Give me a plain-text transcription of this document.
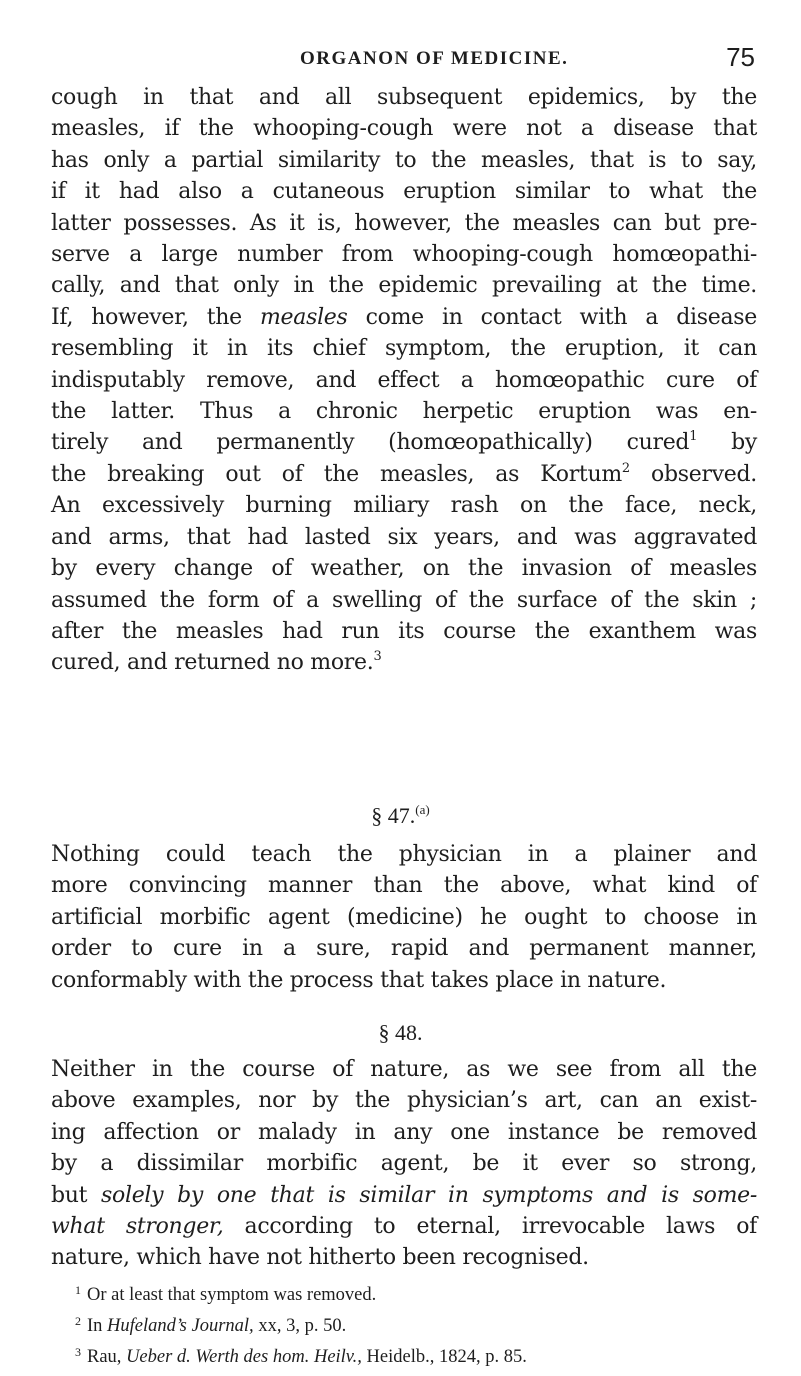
ORGANON OF MEDICINE.	75
cough in that and all subsequent epidemics, by the
measles, if the whooping-cough were not a disease that
has only a partial similarity to the measles, that is to say,
if it had also a cutaneous eruption similar to what the
latter possesses. As it is, however, the measles can but pre-
serve a large number from whooping-cough homœopathi-
cally, and that only in the epidemic prevailing at the time.
If, however, the measles come in contact with a disease
resembling it in its chief symptom, the eruption, it can
indisputably remove, and effect a homœopathic cure of
the latter. Thus a chronic herpetic eruption was en-
tirely and permanently (homœopathically) cured$^1$ by
the breaking out of the measles, as Kortum$^2$ observed.
An excessively burning miliary rash on the face, neck,
and arms, that had lasted six years, and was aggravated
by every change of weather, on the invasion of measles
assumed the form of a swelling of the surface of the skin ;
after the measles had run its course the exanthem was
cured, and returned no more.$^3$
§ 47.$^{(a)}$
Nothing could teach the physician in a plainer and
more convincing manner than the above, what kind of
artificial morbific agent (medicine) he ought to choose in
order to cure in a sure, rapid and permanent manner,
conformably with the process that takes place in nature.
§ 48.
Neither in the course of nature, as we see from all the
above examples, nor by the physician’s art, can an exist-
ing affection or malady in any one instance be removed
by a dissimilar morbific agent, be it ever so strong,
but solely by one that is similar in symptoms and is some-
what stronger, according to eternal, irrevocable laws of
nature, which have not hitherto been recognised.
$^1$ Or at least that symptom was removed.
$^2$ In Hufeland’s Journal, xx, 3, p. 50.
$^3$ Rau, Ueber d. Werth des hom. Heilv., Heidelb., 1824, p. 85.
